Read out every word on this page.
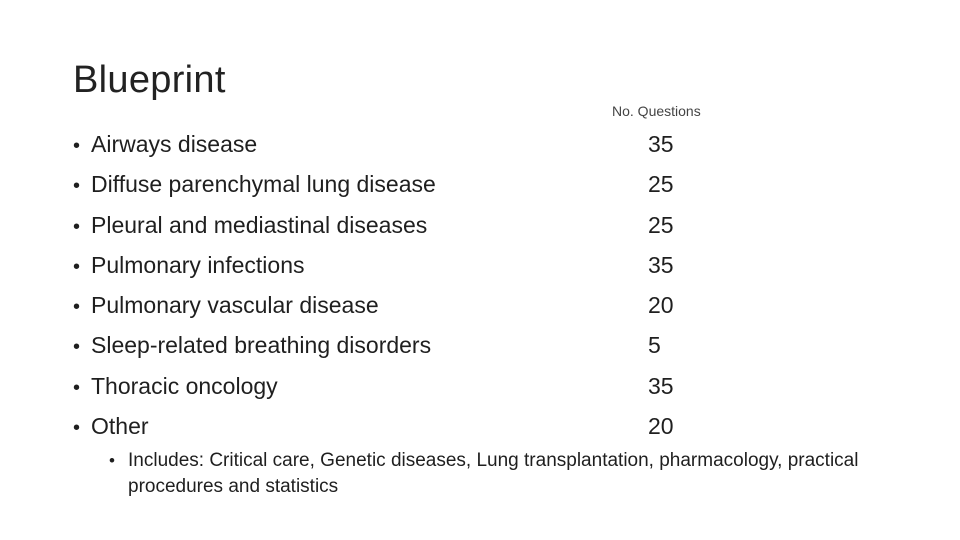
Blueprint
No. Questions
• Airways disease
• Diffuse parenchymal lung disease
• Pleural and mediastinal diseases
• Pulmonary infections
• Pulmonary vascular disease
• Sleep-related breathing disorders
• Thoracic oncology
• Other
35
25
25
35
20
5
35
20
• Includes: Critical care, Genetic diseases, Lung transplantation, pharmacology, practical procedures and statistics
